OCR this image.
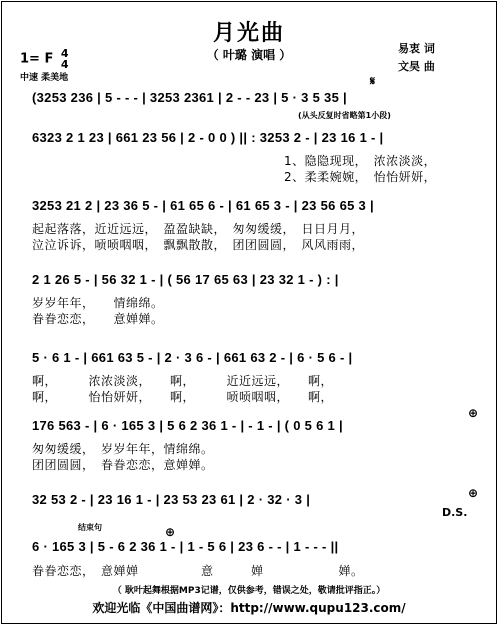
月光曲
（ 叶璐 演唱 ）	易衷 词
文昊 曲
1= F 4
4
中速 柔美地	𝄋
⊕
⊕
⊕
(3253 236 | 5 - - - | 3253 2361 | 2 - - 23 | 5 · 3 5 35 |
(从头反复时省略第1小段)
6323 2 1 23 | 661 23 56 | 2 - 0 0 ) || : 3253 2 - | 23 16 1 - |
1、隐隐现现，　浓浓淡淡，
2、柔柔婉婉，　怡怡妍妍，
3253 21 2 | 23 36 5 - | 61 65 6 - | 61 65 3 - | 23 56 65 3 |
起起落落，近近远远，　盈盈缺缺，　匆匆缓缓，　日日月月，
泣泣诉诉，唝唝咽咽，　飘飘散散，　团团圆圆，　风风雨雨，
2 1 26 5 - | 56 32 1 - | ( 56 17 65 63 | 23 32 1 - ) : |
岁岁年年，　　情绵绵。
眷眷恋恋，　　意婵婵。
5 · 6 1 - | 661 63 5 - | 2 · 3 6 - | 661 63 2 - | 6 · 5 6 - |
啊，　　　浓浓淡淡，　　啊，　　　近近远远，　　啊，
啊，　　　怡怡妍妍，　　啊，　　　唝唝咽咽，　　啊，
176 563 - | 6 · 165 3 | 5 6 2 36 1 - | - 1 - | ( 0 5 6 1 |
匆匆缓缓，　岁岁年年，情绵绵。
团团圆圆，　眷眷恋恋，意婵婵。
32 53 2 - | 23 16 1 - | 23 53 23 61 | 2 · 32 · 3 |
D.S.
结束句
6 · 165 3 | 5 - 6 2 36 1 - | 1 - 5 6 | 23 6 - - | 1 - - - ||
眷眷恋恋，　意婵婵　　　　　意　　　婵　　　　　　婵。
（ 耿叶起舞根据MP3记谱，仅供参考，错误之处，敬请批评指正。）
欢迎光临《中国曲谱网》：http://www.qupu123.com/
